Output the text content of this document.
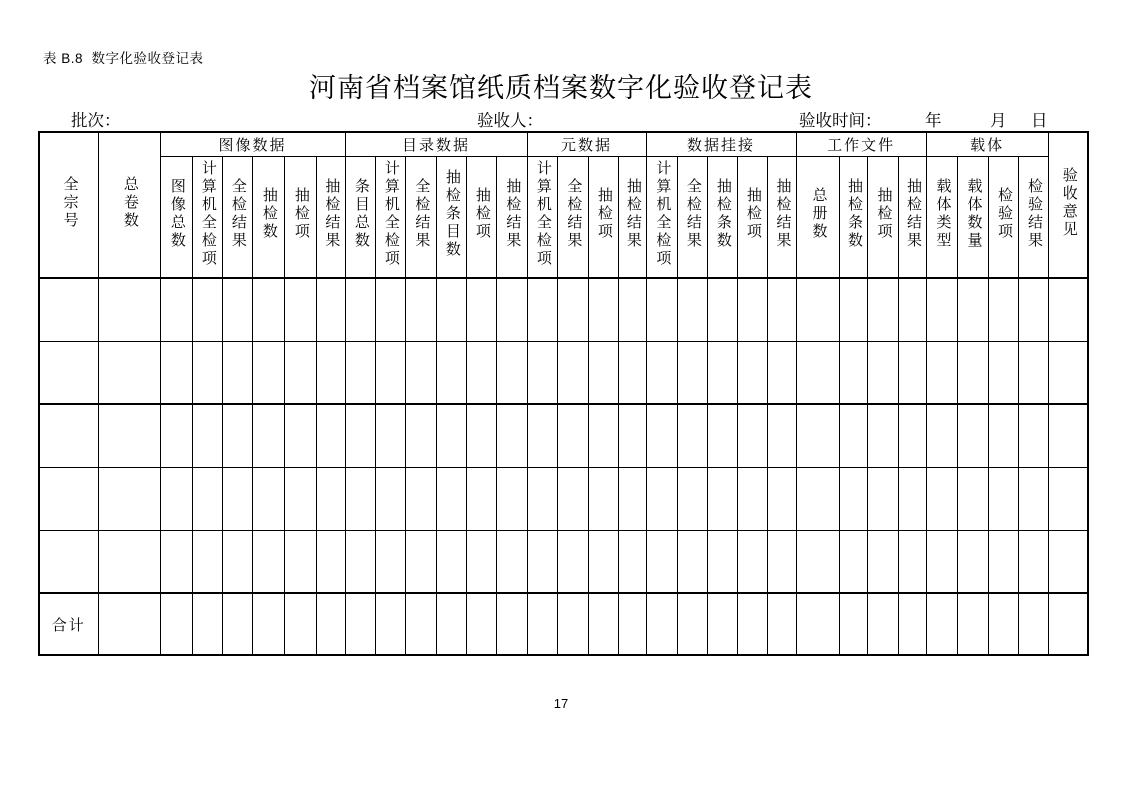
表 B.8  数字化验收登记表
河南省档案馆纸质档案数字化验收登记表
批次：	验收人：	验收时间：	年	月 日
全宗号	总卷数	图像数据						目录数据						元数据				数据挂接					工作文件				载体				验收意见
		图像总数	计算机全检项	全检结果	抽检数	抽检项	抽检结果	条目总数	计算机全检项	全检结果	抽检条目数	抽检项	抽检结果	计算机全检项	全检结果	抽检项	抽检结果	计算机全检项	全检结果	抽检条数	抽检项	抽检结果	总册数	抽检条数	抽检项	抽检结果	载体类型	载体数量	检验项	检验结果	

合计																															
17
